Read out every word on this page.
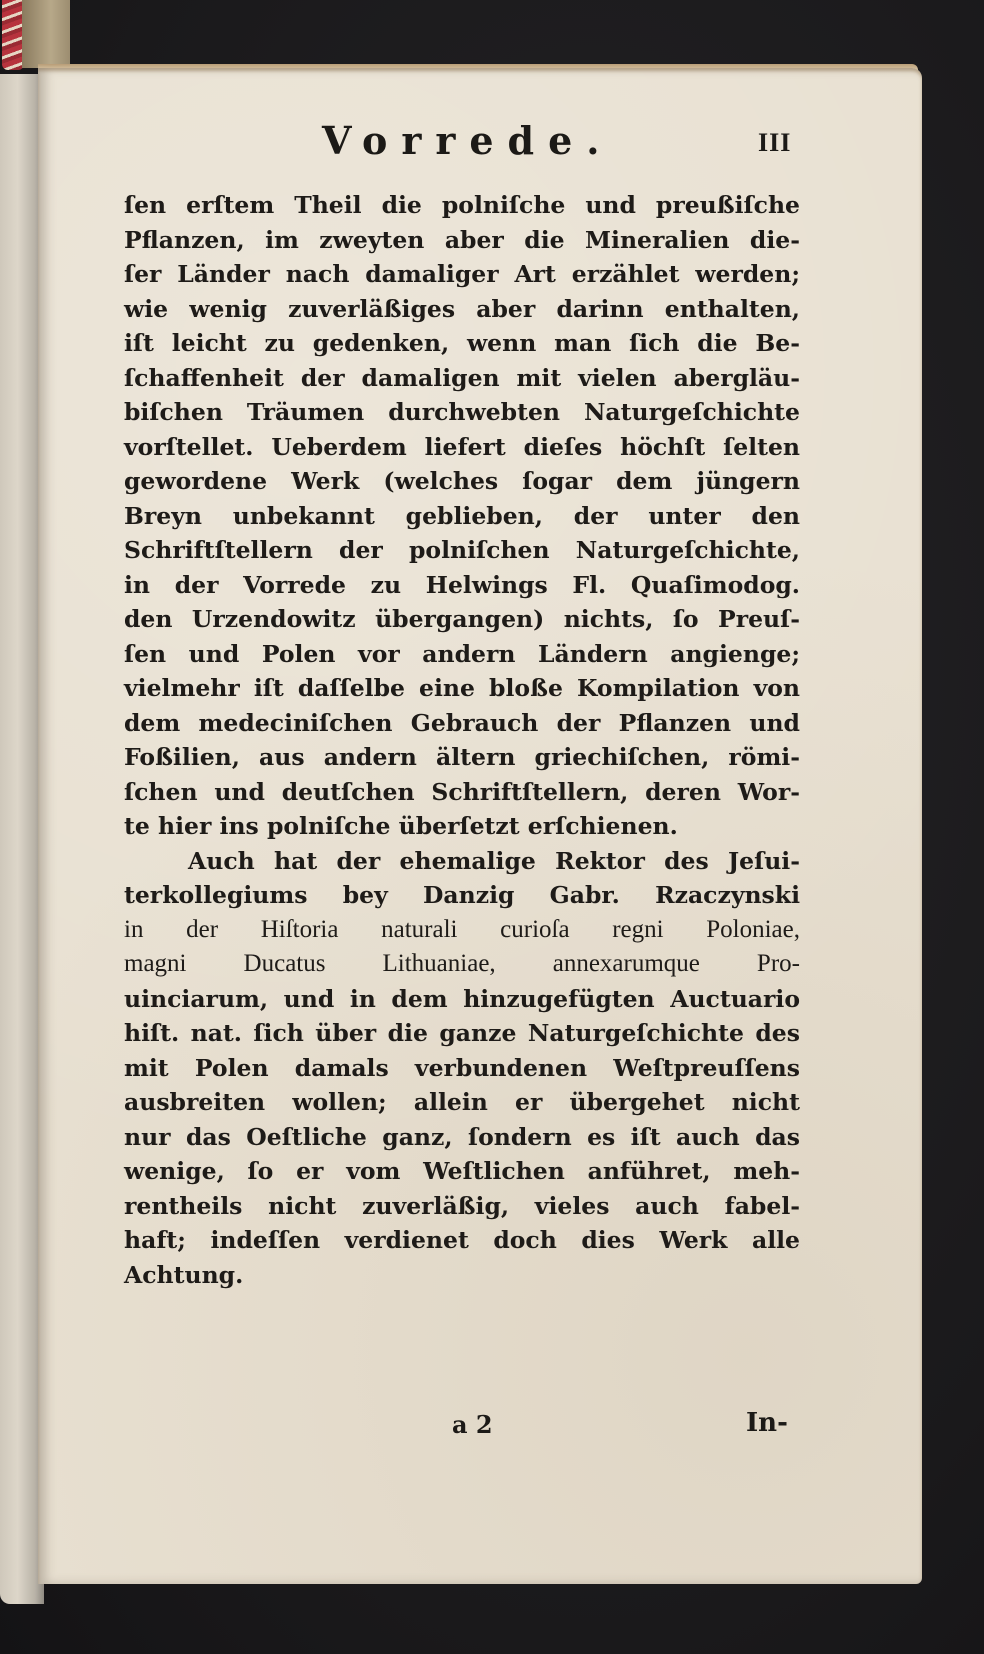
Vorrede.	III
ſen erſtem Theil die polniſche und preußiſche
Pflanzen, im zweyten aber die Mineralien die-
ſer Länder nach damaliger Art erzählet werden;
wie wenig zuverläßiges aber darinn enthalten,
iſt leicht zu gedenken, wenn man ſich die Be-
ſchaffenheit der damaligen mit vielen abergläu-
biſchen Träumen durchwebten Naturgeſchichte
vorſtellet. Ueberdem liefert dieſes höchſt ſelten
gewordene Werk (welches ſogar dem jüngern
Breyn unbekannt geblieben, der unter den
Schriftſtellern der polniſchen Naturgeſchichte,
in der Vorrede zu Helwings Fl. Quaſimodog.
den Urzendowitz übergangen) nichts, ſo Preuſ-
ſen und Polen vor andern Ländern angienge;
vielmehr iſt daſſelbe eine bloße Kompilation von
dem medeciniſchen Gebrauch der Pflanzen und
Foßilien, aus andern ältern griechiſchen, römi-
ſchen und deutſchen Schriftſtellern, deren Wor-
te hier ins polniſche überſetzt erſchienen.
Auch hat der ehemalige Rektor des Jeſui-
terkollegiums bey Danzig Gabr. Rzaczynski
in der Hiſtoria naturali curioſa regni Poloniae,
magni Ducatus Lithuaniae, annexarumque Pro-
uinciarum, und in dem hinzugefügten Auctuario
hiſt. nat. ſich über die ganze Naturgeſchichte des
mit Polen damals verbundenen Weſtpreuſſens
ausbreiten wollen; allein er übergehet nicht
nur das Oeſtliche ganz, ſondern es iſt auch das
wenige, ſo er vom Weſtlichen anführet, meh-
rentheils nicht zuverläßig, vieles auch fabel-
haft; indeſſen verdienet doch dies Werk alle
Achtung.
a 2	In-
